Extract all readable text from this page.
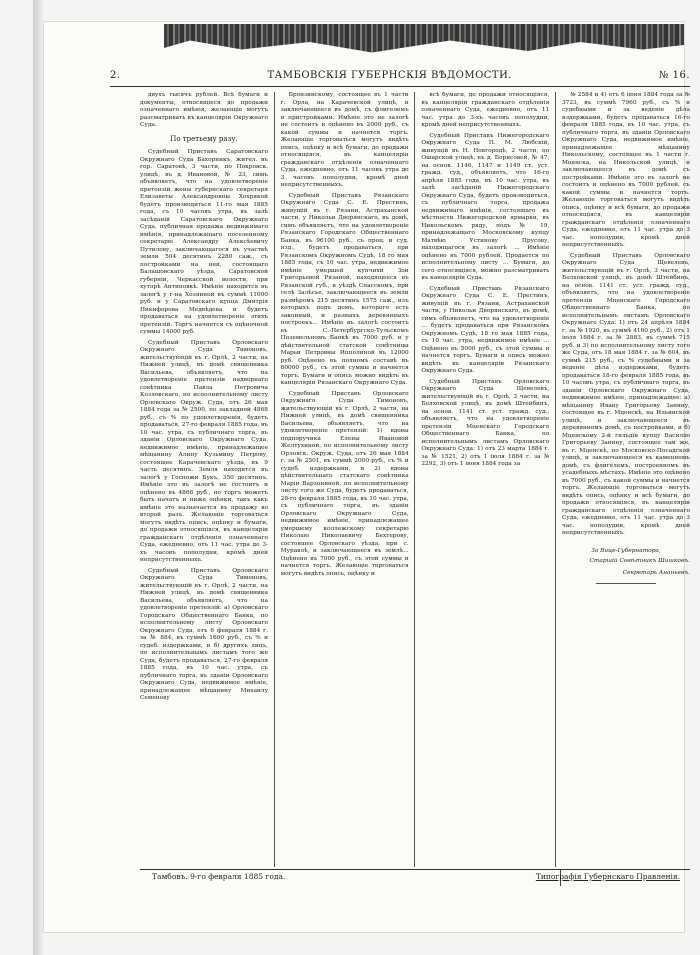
2.	ТАМБОВСКІЯ ГУБЕРНСКІЯ ВѢДОМОСТИ.	№ 16.

двухъ тысячъ рублей. Всѣ бумаги и документы, относящіеся до продажи означеннаго имѣнія, желающіе могутъ разсматривать въ канцеляріи Окружнаго Суда.

По третьему разу.

Судебный Приставъ Саратовскаго Окружнаго Суда Бахорникъ, жител. въ гор. Саратовѣ, 3 части, по Покровск. улицѣ, въ д. Ивановой, № 23, симъ объявляетъ, что на удовлетвореніе претензій жены губернскаго секретаря Елизаветы Александровны Хохрякой будетъ производиться 11-го мая 1885 года, съ 10 часовъ утра, въ залѣ засѣданій Саратовскаго Окружнаго Суда, публичная продажа недвижимаго имѣнія, принадлежащаго поселенному секретарю Александру Алексѣевичу Путилову, заключающагося въ участкѣ земли 504 десятинъ 2280 саж., съ постройками на ней, состоящаго Балашовскаго уѣзда, Саратовской губерніи, Черкасской волости, при хуторѣ Антиповкѣ. Имѣніе находится въ залогѣ у г-на Хозяиной въ суммѣ 11000 руб. и у Саратовскаго купца Дмитрія Никифорова Медвѣдева и будетъ продаваться на удовлетвореніе этихъ претензій. Торгъ начнется съ оцѣночной суммы 14000 руб.

Судебный Приставъ Орловскаго Окружнаго Суда Тимоновъ, жительствующій въ г. Орлѣ, 2 части, на Нижней улицѣ, въ домѣ священника Васильева, объявляетъ, что на удовлетвореніе претензіи надворнаго совѣтника Павла Петровича Козловскаго, по исполнительному листу Орловскаго Окруж. Суда, отъ 26 мая 1884 года за № 2500, по закладной 4868 руб., съ % по удовлетворенія, будетъ продаваться, 27-го февраля 1885 года, въ 10 час. утра, съ публичнаго торга, въ зданіи Орловскаго Окружнаго Суда, недвижимое имѣніе, принадлежащее мѣщанину Алипу Кузьмину Петрову, состоящее Карачевскаго уѣзда, въ 9 часть десятинъ. Земля находится въ залогѣ у Госпожи Букъ, 350 десятинъ. Имѣніе это въ залогѣ не состоитъ и оцѣнено въ 4868 руб., но торгъ можетъ быть начатъ и ниже оцѣнки, такъ какъ имѣніе это назначается въ продажу во второй разъ. Желающіе торговаться могутъ видѣть опись, оцѣнку и бумаги, до продажи относящіяся, въ канцеляріи гражданскаго отдѣленія означеннаго Суда, ежедневно, отъ 11 час. утра до 3-хъ часовъ пополудни, кромѣ дней неприсутственныхъ.

Судебный Приставъ Орловскаго Окружнаго Суда Тимоновъ, жительствующій въ г. Орлѣ, 2 части, на Нижней улицѣ, въ домѣ священника Васильева, объявляетъ, что на удовлетвореніе претензій: а) Орловскаго Городскаго Общественнаго Банка, по исполнительному листу Орловскаго Окружнаго Суда, отъ 6 февраля 1884 г. за № 884, въ суммѣ 1600 руб., съ % и судеб. издержками, и б) другихъ лицъ, по исполнительнымъ листамъ того же Суда, будетъ продаваться, 27-го февраля 1885 года, въ 10 час. утра, съ публичнаго торга, въ зданіи Орловскаго Окружнаго Суда, недвижимое имѣніе, принадлежащее мѣщанину Михаилу Семенову

Бронзинскому, состоящее въ 1 части г. Орла, на Карачевской улицѣ, и заключающееся въ домѣ, съ флигелемъ и пристройками. Имѣніе это не залогѣ не состоитъ и оцѣнено въ 2000 руб., съ какой суммы и начнется торгъ. Желающіе торговаться могутъ видѣть опись, оцѣнку и всѣ бумаги, до продажи относящіяся, въ канцеляріи гражданскаго отдѣленія означеннаго Суда, ежедневно, отъ 11 часовъ утра до 3 часовъ пополудни, кромѣ дней неприсутственныхъ.

Судебный Приставъ Рязанскаго Окружнаго Суда С. Е. Престинъ, живущій въ г. Рязани, Астраханской части, у Никольи Дворянскаго, въ домѣ, симъ объявляетъ, что на удовлетвореніе Рязанскаго Городскаго Общественнаго Банка, въ 96100 руб., съ проц. и суд. изд., будетъ продаваться, при Рязанскомъ Окружномъ Судѣ, 18 го мая 1885 года, съ 10 час. утра, недвижимое имѣніе умершей купчихи Зои Григорьевой Рязаной, находящееся въ Рязанской губ., в уѣздѣ Спасскомъ, при селѣ Залѣсье, заключающееся въ земли размѣромъ 215 десятинъ 1575 саж., изъ которыхъ подъ домъ, которого есть законный, и разныхъ деревянныхъ построекъ... Имѣніе въ залогѣ состоитъ въ С.-Петербургско-Тульскомъ Поземельномъ Банкѣ въ 7000 руб. и у дѣйствительной статской совѣтницы Марьи Петровны Ипполиной въ 12000 руб. Оцѣнено въ полномъ составѣ въ 80000 руб., съ этой суммы и начнется торгъ. Бумаги и опись можно видѣть въ канцеляріи Рязанскаго Окружнаго Суда.

Судебный Приставъ Орловскаго Окружнаго Суда Тимоновъ, жительствующій въ г. Орлѣ, 2 части, на Нижней улицѣ, въ домѣ священника Васильева, объявляетъ, что на удовлетвореніе претензій: 1) вдовы подпоручика Елены Ивановой Желтухиной, по исполнительному листу Орловск. Окруж. Суда, отъ 26 мая 1884 г. за № 2501, въ суммѣ 2000 руб., съ % и судеб. издержками, и 2) вдовы дѣйствительнаго статскаго совѣтника Маріи Варзониной, по исполнительному листу того же Суда, будетъ продаваться, 28-го февраля 1885 года, въ 10 час. утра, съ публичнаго торга, въ зданіи Орловскаго Окружнаго Суда, недвижимое имѣніе, принадлежащее умершему коллежскому секретарю Николаю Николаевичу Бехтерову, состоящее Орловскаго уѣзда, при с. Муравлѣ, и заключающееся въ землѣ... Оцѣнено въ 7000 руб., съ этой суммы и начнется торгъ. Желающіе торговаться могутъ видѣть опись, оцѣнку и

всѣ бумаги, до продажи относящіяся, въ канцеляріи гражданскаго отдѣленія означеннаго Суда, ежедневно, отъ 11 час. утра до 3-хъ часовъ пополудни, кромѣ дней неприсутственныхъ.

Судебный Приставъ Нижегородскаго Окружнаго Суда П. М. Любскій, живущій въ Н. Новгородѣ, 2 части, по Ошарской улицѣ, въ д. Борисовой, № 47, на основ. 1146, 1147 и 1149 ст. уст. гражд. суд., объявляетъ, что 16-го апрѣля 1885 года, въ 10 час. утра, въ залѣ засѣданій Нижегородскаго Окружнаго Суда, будетъ производиться, съ публичнаго торга, продажа недвижимаго имѣнія, состоящаго въ мѣстности Нижегородской ярмарки, въ Никольскомъ ряду, подъ № 19, принадлежащаго Московскому купцу Матвѣю Устинову Прусову, находящагося въ залогѣ ... Имѣніе оцѣнено въ 7000 рублей. Продается по исполнительному листу ... Бумаги, до сего относящіяся, можно разсматривать въ канцеляріи Суда.

Судебный Приставъ Рязанскаго Окружнаго Суда С. Е. Престинъ, живущій въ г. Рязани, Астраханской части, у Никольи Дворянскаго, въ домѣ, симъ объявляетъ, что на удовлетвореніе ... будетъ продаваться при Рязанскомъ Окружномъ Судѣ, 18 го мая 1885 года, съ 10 час. утра, недвижимое имѣніе ... Оцѣнено въ 5000 руб., съ этой суммы и начнется торгъ. Бумаги и опись можно видѣть въ канцеляріи Рязанскаго Окружнаго Суда.

Судебный Приставъ Орловскаго Окружнаго Суда Щевелевъ, жительствующій въ г. Орлѣ, 3 части, на Болховской улицѣ, въ домѣ Штейбинъ, на основ. 1141 ст. уст. гражд. суд., объявляетъ, что на удовлетвореніе претензіи Мценскаго Городскаго Общественнаго Банка, по исполнительнымъ листамъ Орловскаго Окружнаго Суда: 1) отъ 23 марта 1884 г. за № 1521, 2) отъ 1 іюля 1884 г. за № 2292, 3) отъ 1 іюня 1884 года за

№ 2584 и 4) отъ 6 іюня 1884 года за № 3723, въ суммѣ 7960 руб., съ % и судебными и за веденіе дѣла издержками, будетъ продаваться 16-го февраля 1885 года, въ 10 час. утра, съ публичнаго торга, въ зданіи Орловскаго Окружнаго Суда, недвижимое имѣніе, принадлежащее мѣщанину Никольскому, состоящее въ 1 части г. Мценска, на Никольской улицѣ, и заключающееся въ домѣ съ постройками. Имѣніе это въ залогѣ не состоитъ и оцѣнено въ 7000 рублей, съ какой суммы и начнется торгъ. Желающіе торговаться могутъ видѣть опись, оцѣнку и всѣ бумаги, до продажи относящіяся, въ канцеляріи гражданскаго отдѣленія означеннаго Суда, ежедневно, отъ 11 час. утра до 3 час. пополудни, кромѣ дней неприсутственныхъ.

Судебный Приставъ Орловскаго Окружнаго Суда Щевелевъ, жительствующій въ г. Орлѣ, 3 части, на Болховской улицѣ, въ домѣ Штейбинъ, на основ. 1141 ст. уст. гражд. суд., объявляетъ, что на удовлетвореніе претензіи Мценскаго Городскаго Общественнаго Банка, по исполнительнымъ листамъ Орловскаго Окружнаго Суда: 1) отъ 24 апрѣля 1884 г. за № 1920, въ суммѣ 4160 руб., 2) отъ 1 іюля 1884 г. за № 2883, въ суммѣ 715 руб. и 3) по исполнительному листу того же Суда, отъ 18 мая 1884 г. за № 604, въ суммѣ 215 руб., съ % судебными и за веденіе дѣла издержками, будетъ продаваться 18-го февраля 1885 года, въ 10 часовъ утра, съ публичнаго торга, въ зданіи Орловскаго Окружнаго Суда, недвижимое имѣніе, принадлежащее: а) мѣщанину Ивану Григорьеву Занину, состоящее въ г. Мценскѣ, на Ильинской улицѣ, и заключающееся въ деревянномъ домѣ, съ постройками, и б) Мценскому 2-й гильдіи купцу Василію Григорьеву Занину, состоящее там же, въ г. Мценскѣ, по Московско-Посадской улицѣ, и заключающееся въ каменномъ домѣ, съ флигелемъ, построенномъ въ усадебныхъ мѣстахъ. Имѣніе это оцѣнено въ 7000 руб., съ какой суммы и начнется торгъ. Желающіе торговаться могутъ видѣть опись, оцѣнку и всѣ бумаги, до продажи относящіяся, въ канцеляріи гражданскаго отдѣленія означеннаго Суда, ежедневно, отъ 11 час. утра до 3 час. пополудни, кромѣ дней неприсутственныхъ.

За Вице-Губернатора,

Старшій Совѣтникъ Шишковъ.

Секретарь Ананьевъ.

Тамбовъ. 9-го февраля 1885 года.	Типографія Губернскаго Правленія.
